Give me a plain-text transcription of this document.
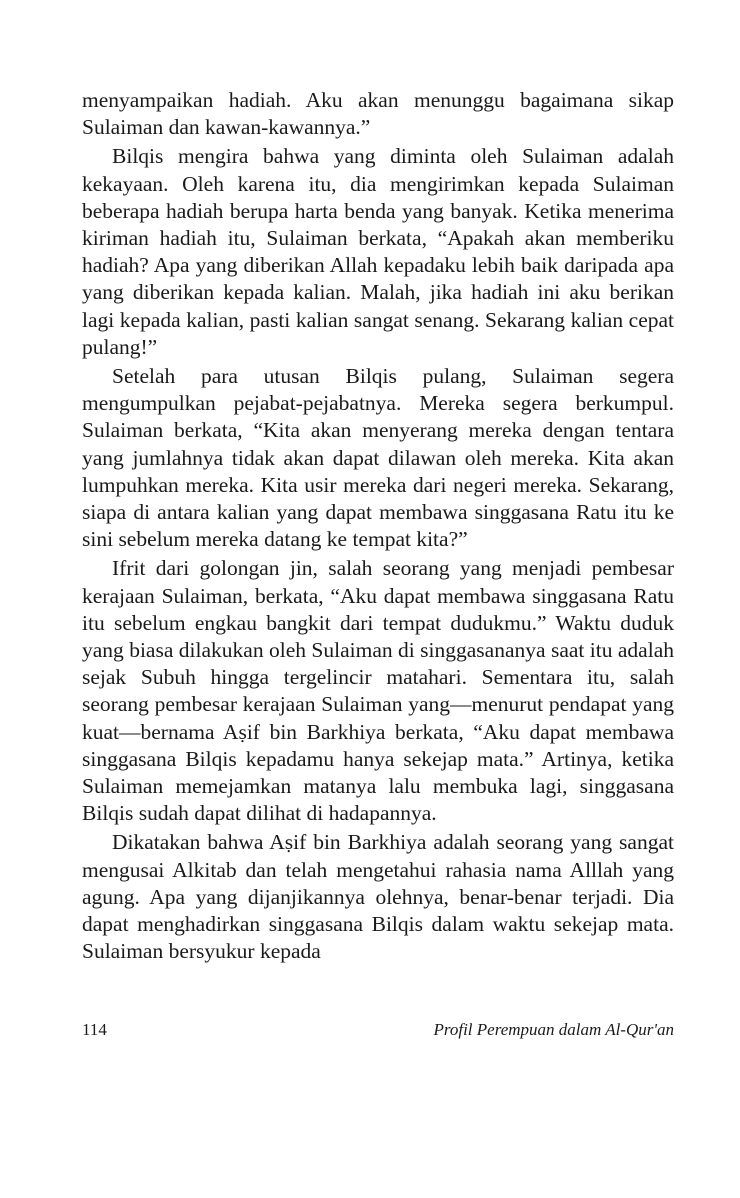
menyampaikan hadiah. Aku akan menunggu bagaimana sikap Sulaiman dan kawan-kawannya.”

Bilqis mengira bahwa yang diminta oleh Sulaiman adalah kekayaan. Oleh karena itu, dia mengirimkan kepada Sulaiman beberapa hadiah berupa harta benda yang banyak. Ketika menerima kiriman hadiah itu, Sulaiman berkata, “Apakah akan memberiku hadiah? Apa yang diberikan Allah kepadaku lebih baik daripada apa yang diberikan kepada kalian. Malah, jika hadiah ini aku berikan lagi kepada kalian, pasti kalian sangat senang. Sekarang kalian cepat pulang!”

Setelah para utusan Bilqis pulang, Sulaiman segera mengumpulkan pejabat-pejabatnya. Mereka segera berkumpul. Sulaiman berkata, “Kita akan menyerang mereka dengan tentara yang jumlahnya tidak akan dapat dilawan oleh mereka. Kita akan lumpuhkan mereka. Kita usir mereka dari negeri mereka. Sekarang, siapa di antara kalian yang dapat membawa singgasana Ratu itu ke sini sebelum mereka datang ke tempat kita?”

Ifrit dari golongan jin, salah seorang yang menjadi pembesar kerajaan Sulaiman, berkata, “Aku dapat membawa singgasana Ratu itu sebelum engkau bangkit dari tempat dudukmu.” Waktu duduk yang biasa dilakukan oleh Sulaiman di singgasananya saat itu adalah sejak Subuh hingga tergelincir matahari. Sementara itu, salah seorang pembesar kerajaan Sulaiman yang—menurut pendapat yang kuat—bernama Aṣif bin Barkhiya berkata, “Aku dapat membawa singgasana Bilqis kepadamu hanya sekejap mata.” Artinya, ketika Sulaiman memejamkan matanya lalu membuka lagi, singgasana Bilqis sudah dapat dilihat di hadapannya.

Dikatakan bahwa Aṣif bin Barkhiya adalah seorang yang sangat mengusai Alkitab dan telah mengetahui rahasia nama Alllah yang agung. Apa yang dijanjikannya olehnya, benar-benar terjadi. Dia dapat menghadirkan singgasana Bilqis dalam waktu sekejap mata. Sulaiman bersyukur kepada

114	Profil Perempuan dalam Al-Qur'an
